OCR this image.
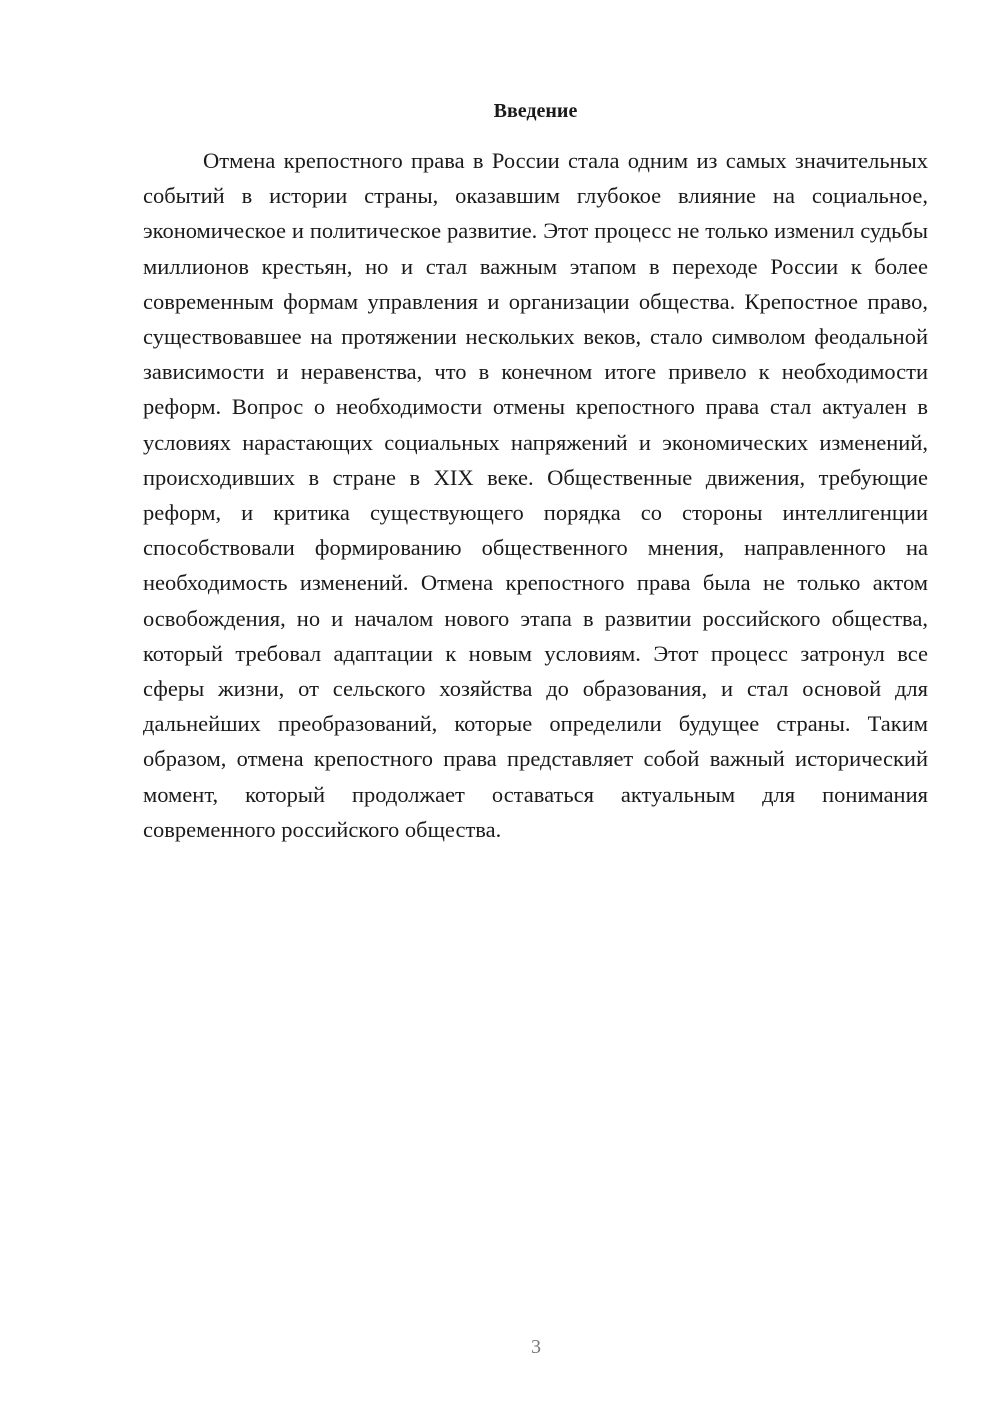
Введение

Отмена крепостного права в России стала одним из самых значительных событий в истории страны, оказавшим глубокое влияние на социальное, экономическое и политическое развитие. Этот процесс не только изменил судьбы миллионов крестьян, но и стал важным этапом в переходе России к более современным формам управления и организации общества. Крепостное право, существовавшее на протяжении нескольких веков, стало символом феодальной зависимости и неравенства, что в конечном итоге привело к необходимости реформ. Вопрос о необходимости отмены крепостного права стал актуален в условиях нарастающих социальных напряжений и экономических изменений, происходивших в стране в XIX веке. Общественные движения, требующие реформ, и критика существующего порядка со стороны интеллигенции способствовали формированию общественного мнения, направленного на необходимость изменений. Отмена крепостного права была не только актом освобождения, но и началом нового этапа в развитии российского общества, который требовал адаптации к новым условиям. Этот процесс затронул все сферы жизни, от сельского хозяйства до образования, и стал основой для дальнейших преобразований, которые определили будущее страны. Таким образом, отмена крепостного права представляет собой важный исторический момент, который продолжает оставаться актуальным для понимания современного российского общества.

3
